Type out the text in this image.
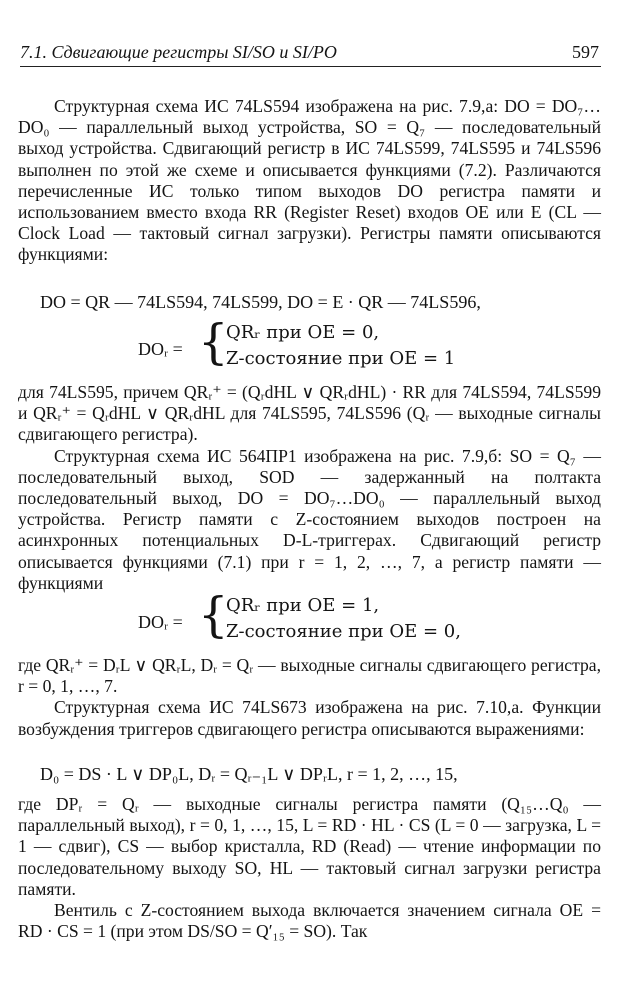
7.1. Сдвигающие регистры SI/SO и SI/PO	597

Структурная схема ИС 74LS594 изображена на рис. 7.9,а: DO = DO₇…DO₀ — параллельный выход устройства, SO = Q₇ — последовательный выход устройства. Сдвигающий регистр в ИС 74LS599, 74LS595 и 74LS596 выполнен по этой же схеме и описывается функциями (7.2). Различаются перечисленные ИС только типом выходов DO регистра памяти и использованием вместо входа RR (Register Reset) входов OE или E (CL — Clock Load — тактовый сигнал загрузки). Регистры памяти описываются функциями:

DO = QR — 74LS594, 74LS599, DO = E · QR — 74LS596,
DOᵣ = {
QRᵣ при OE = 0,
Z-состояние при OE = 1

для 74LS595, причем QRᵣ⁺ = (QᵣdHL ∨ QRᵣdHL) · RR для 74LS594, 74LS599 и QRᵣ⁺ = QᵣdHL ∨ QRᵣdHL для 74LS595, 74LS596 (Qᵣ — выходные сигналы сдвигающего регистра).

Структурная схема ИС 564ПР1 изображена на рис. 7.9,б: SO = Q₇ — последовательный выход, SOD — задержанный на полтакта последовательный выход, DO = DO₇…DO₀ — параллельный выход устройства. Регистр памяти с Z-состоянием выходов построен на асинхронных потенциальных D-L-триггерах. Сдвигающий регистр описывается функциями (7.1) при r = 1, 2, …, 7, а регистр памяти — функциями

DOᵣ = {
QRᵣ при OE = 1,
Z-состояние при OE = 0,

где QRᵣ⁺ = DᵣL ∨ QRᵣL, Dᵣ = Qᵣ — выходные сигналы сдвигающего регистра, r = 0, 1, …, 7.

Структурная схема ИС 74LS673 изображена на рис. 7.10,а. Функции возбуждения триггеров сдвигающего регистра описываются выражениями:

D₀ = DS · L ∨ DP₀L, Dᵣ = Qᵣ₋₁L ∨ DPᵣL, r = 1, 2, …, 15,

где DPᵣ = Qᵣ — выходные сигналы регистра памяти (Q₁₅…Q₀ — параллельный выход), r = 0, 1, …, 15, L = RD · HL · CS (L = 0 — загрузка, L = 1 — сдвиг), CS — выбор кристалла, RD (Read) — чтение информации по последовательному выходу SO, HL — тактовый сигнал загрузки регистра памяти.

Вентиль с Z-состоянием выхода включается значением сигнала OE = RD · CS = 1 (при этом DS/SO = Q′₁₅ = SO). Так
